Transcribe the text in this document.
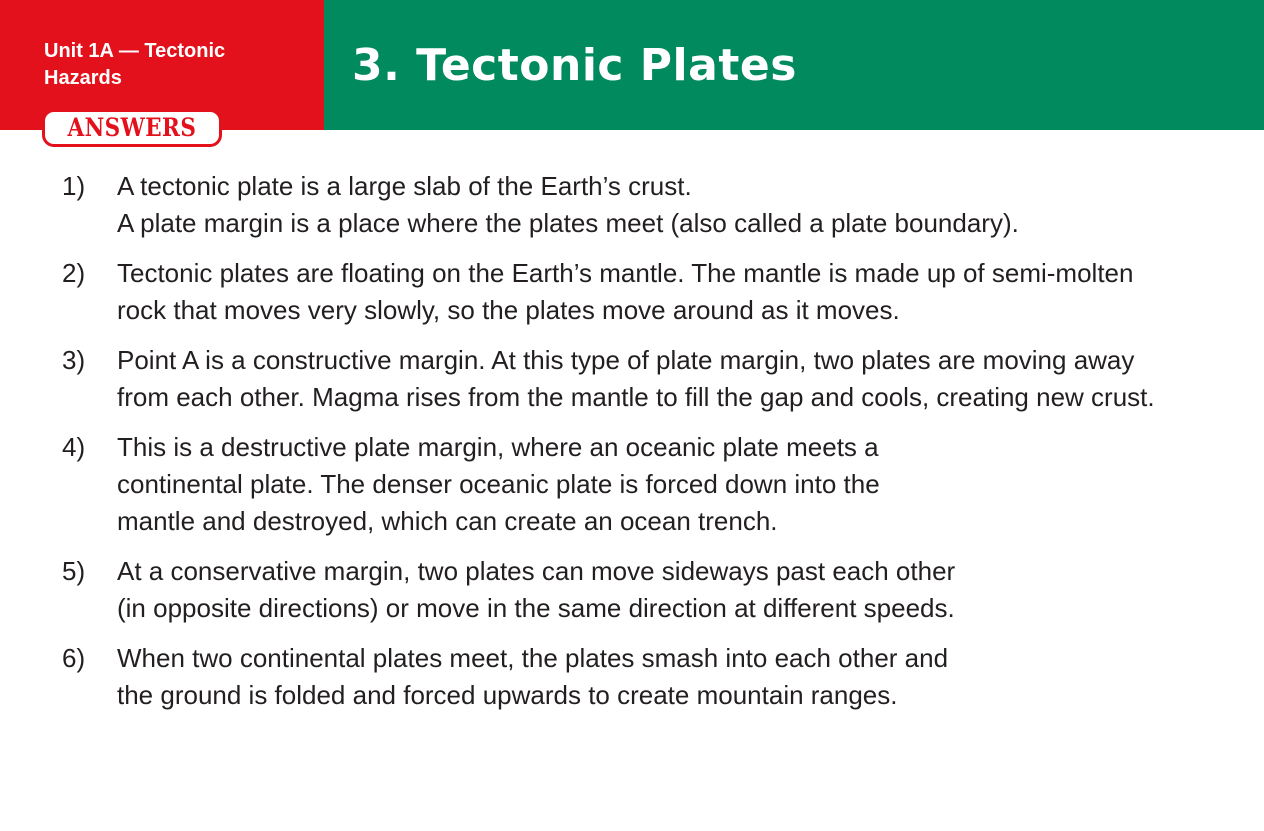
Unit 1A — Tectonic
Hazards	3. Tectonic Plates
ANSWERS
1) A tectonic plate is a large slab of the Earth’s crust.
A plate margin is a place where the plates meet (also called a plate boundary).
2) Tectonic plates are floating on the Earth’s mantle. The mantle is made up of semi-molten
rock that moves very slowly, so the plates move around as it moves.
3) Point A is a constructive margin. At this type of plate margin, two plates are moving away
from each other. Magma rises from the mantle to fill the gap and cools, creating new crust.
4) This is a destructive plate margin, where an oceanic plate meets a
continental plate. The denser oceanic plate is forced down into the
mantle and destroyed, which can create an ocean trench.
5) At a conservative margin, two plates can move sideways past each other
(in opposite directions) or move in the same direction at different speeds.
6) When two continental plates meet, the plates smash into each other and
the ground is folded and forced upwards to create mountain ranges.
